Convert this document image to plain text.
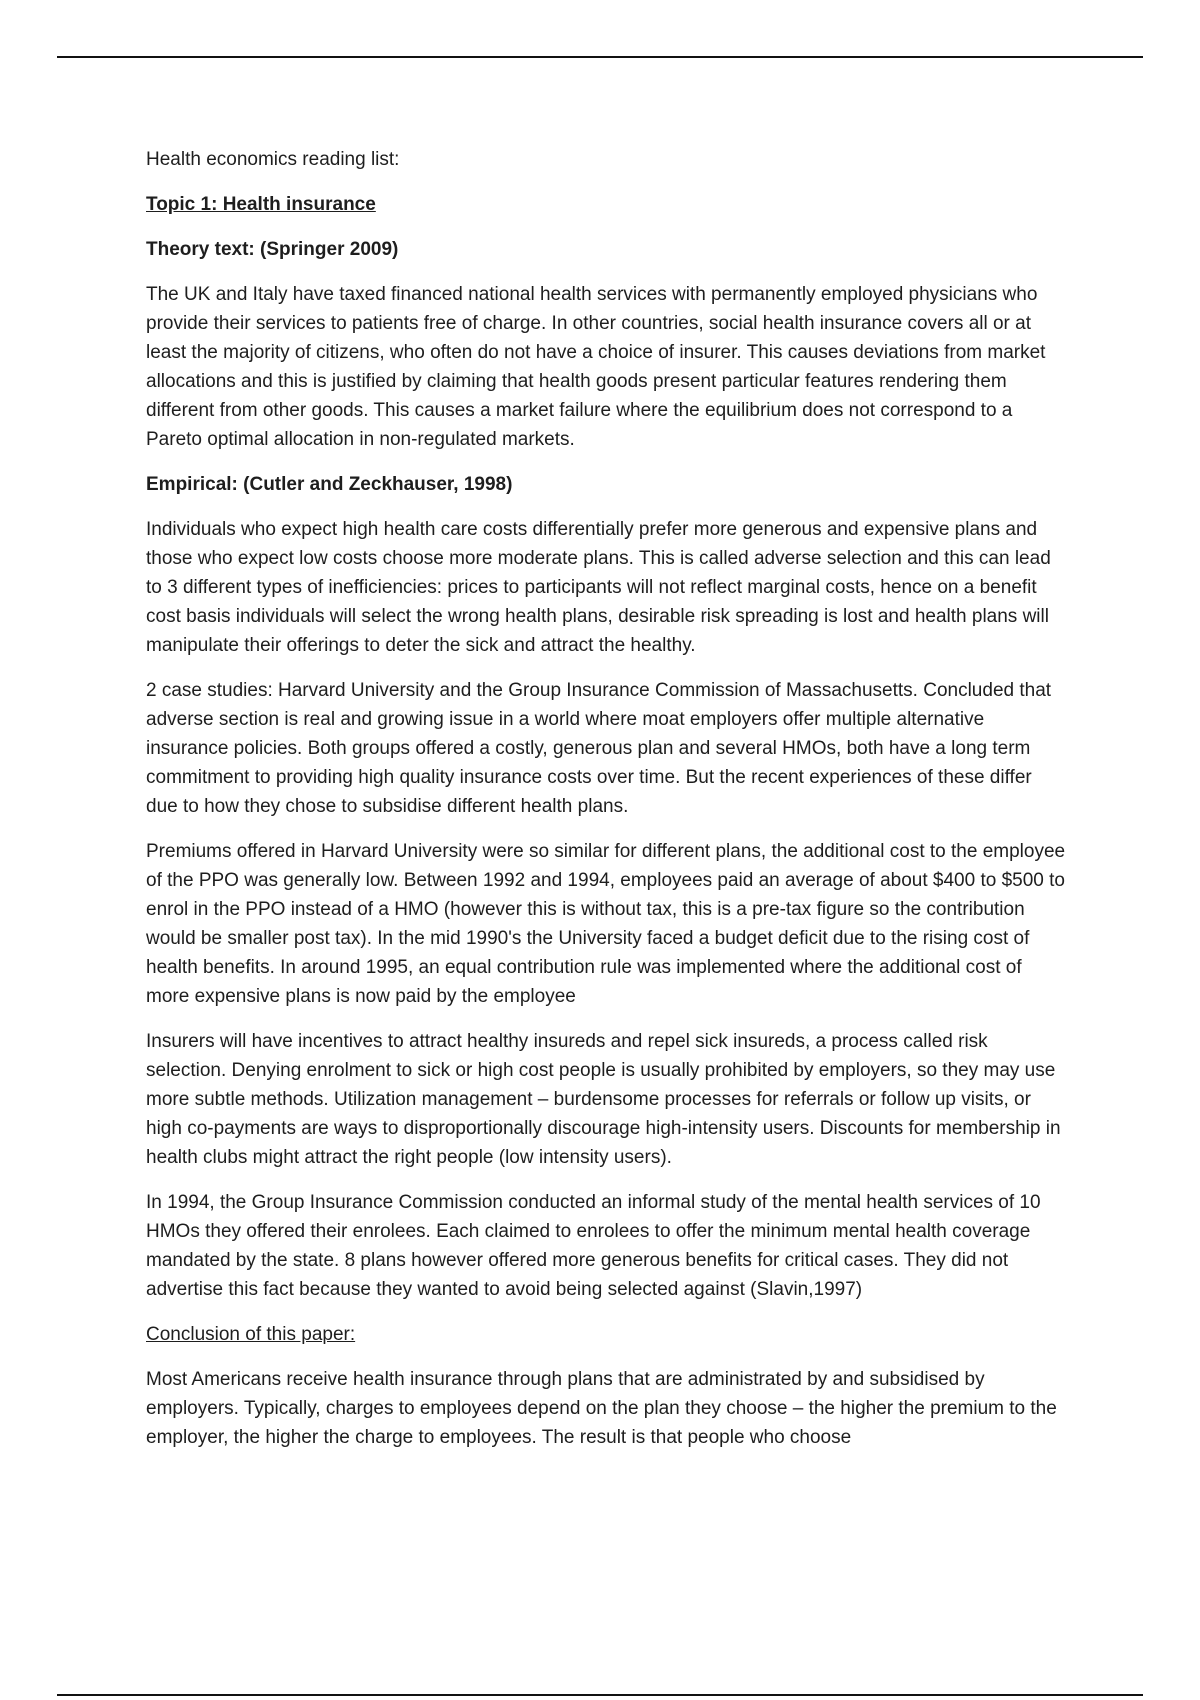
Health economics reading list:

Topic 1: Health insurance

Theory text: (Springer 2009)

The UK and Italy have taxed financed national health services with permanently employed physicians who provide their services to patients free of charge. In other countries, social health insurance covers all or at least the majority of citizens, who often do not have a choice of insurer. This causes deviations from market allocations and this is justified by claiming that health goods present particular features rendering them different from other goods. This causes a market failure where the equilibrium does not correspond to a Pareto optimal allocation in non-regulated markets.

Empirical: (Cutler and Zeckhauser, 1998)

Individuals who expect high health care costs differentially prefer more generous and expensive plans and those who expect low costs choose more moderate plans. This is called adverse selection and this can lead to 3 different types of inefficiencies: prices to participants will not reflect marginal costs, hence on a benefit cost basis individuals will select the wrong health plans, desirable risk spreading is lost and health plans will manipulate their offerings to deter the sick and attract the healthy.

2 case studies: Harvard University and the Group Insurance Commission of Massachusetts. Concluded that adverse section is real and growing issue in a world where moat employers offer multiple alternative insurance policies. Both groups offered a costly, generous plan and several HMOs, both have a long term commitment to providing high quality insurance costs over time. But the recent experiences of these differ due to how they chose to subsidise different health plans.

Premiums offered in Harvard University were so similar for different plans, the additional cost to the employee of the PPO was generally low. Between 1992 and 1994, employees paid an average of about $400 to $500 to enrol in the PPO instead of a HMO (however this is without tax, this is a pre-tax figure so the contribution would be smaller post tax). In the mid 1990's the University faced a budget deficit due to the rising cost of health benefits. In around 1995, an equal contribution rule was implemented where the additional cost of more expensive plans is now paid by the employee

Insurers will have incentives to attract healthy insureds and repel sick insureds, a process called risk selection. Denying enrolment to sick or high cost people is usually prohibited by employers, so they may use more subtle methods. Utilization management – burdensome processes for referrals or follow up visits, or high co-payments are ways to disproportionally discourage high-intensity users. Discounts for membership in health clubs might attract the right people (low intensity users).

In 1994, the Group Insurance Commission conducted an informal study of the mental health services of 10 HMOs they offered their enrolees. Each claimed to enrolees to offer the minimum mental health coverage mandated by the state. 8 plans however offered more generous benefits for critical cases. They did not advertise this fact because they wanted to avoid being selected against (Slavin,1997)

Conclusion of this paper:

Most Americans receive health insurance through plans that are administrated by and subsidised by employers. Typically, charges to employees depend on the plan they choose – the higher the premium to the employer, the higher the charge to employees. The result is that people who choose
